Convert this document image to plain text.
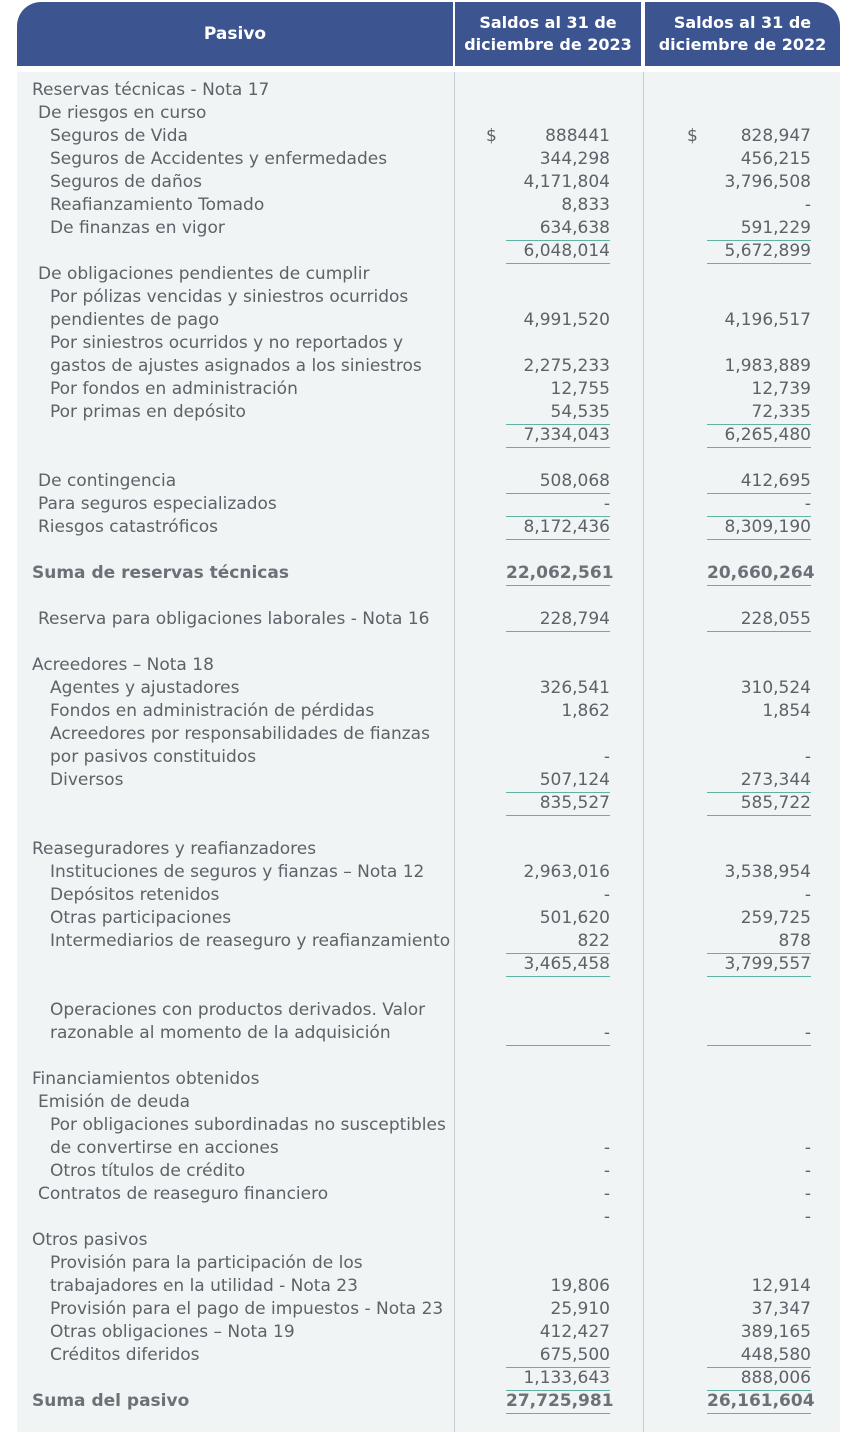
Pasivo
Saldos al 31 de
diciembre de 2023
Saldos al 31 de
diciembre de 2022
Reservas técnicas - Nota 17
De riesgos en curso
Seguros de Vida	$	888441	$	828,947
Seguros de Accidentes y enfermedades	344,298	456,215
Seguros de daños	4,171,804	3,796,508
Reafianzamiento Tomado	8,833	-
De finanzas en vigor	634,638	591,229
6,048,014	5,672,899
De obligaciones pendientes de cumplir
Por pólizas vencidas y siniestros ocurridos
pendientes de pago	4,991,520	4,196,517
Por siniestros ocurridos y no reportados y
gastos de ajustes asignados a los siniestros	2,275,233	1,983,889
Por fondos en administración	12,755	12,739
Por primas en depósito	54,535	72,335
7,334,043	6,265,480
De contingencia	508,068	412,695
Para seguros especializados	-	-
Riesgos catastróficos	8,172,436	8,309,190
Suma de reservas técnicas	22,062,561	20,660,264
Reserva para obligaciones laborales - Nota 16	228,794	228,055
Acreedores – Nota 18
Agentes y ajustadores	326,541	310,524
Fondos en administración de pérdidas	1,862	1,854
Acreedores por responsabilidades de fianzas
por pasivos constituidos	-	-
Diversos	507,124	273,344
835,527	585,722
Reaseguradores y reafianzadores
Instituciones de seguros y fianzas – Nota 12	2,963,016	3,538,954
Depósitos retenidos	-	-
Otras participaciones	501,620	259,725
Intermediarios de reaseguro y reafianzamiento	822	878
3,465,458	3,799,557
Operaciones con productos derivados. Valor
razonable al momento de la adquisición	-	-
Financiamientos obtenidos
Emisión de deuda
Por obligaciones subordinadas no susceptibles
de convertirse en acciones	-	-
Otros títulos de crédito	-	-
Contratos de reaseguro financiero	-	-
-	-
Otros pasivos
Provisión para la participación de los
trabajadores en la utilidad - Nota 23	19,806	12,914
Provisión para el pago de impuestos - Nota 23	25,910	37,347
Otras obligaciones – Nota 19	412,427	389,165
Créditos diferidos	675,500	448,580
1,133,643	888,006
Suma del pasivo	27,725,981	26,161,604
